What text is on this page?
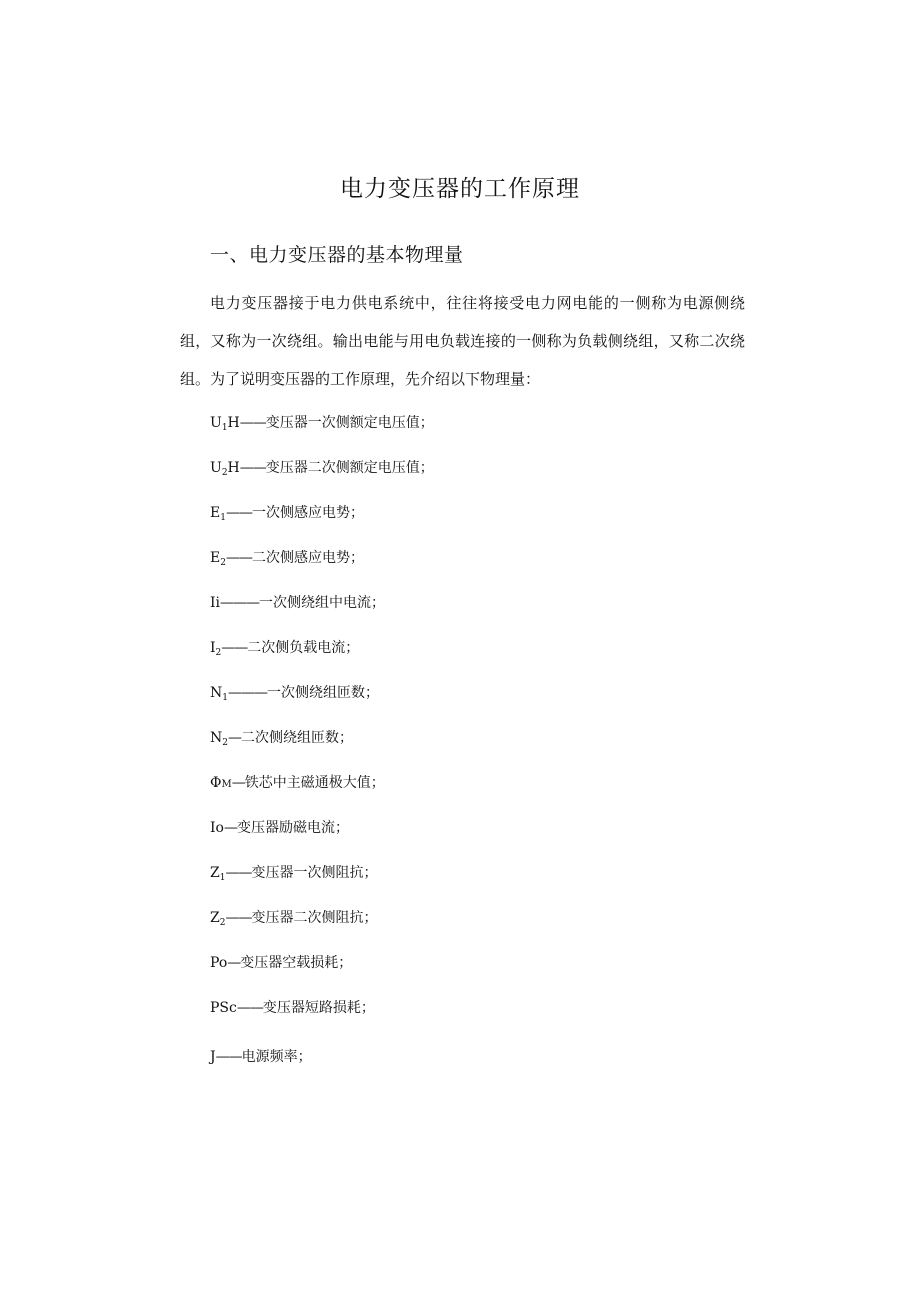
电力变压器的工作原理
一、电力变压器的基本物理量

电力变压器接于电力供电系统中，往往将接受电力网电能的一侧称为电源侧绕组，又称为一次绕组。输出电能与用电负载连接的一侧称为负载侧绕组，又称二次绕组。为了说明变压器的工作原理，先介绍以下物理量：

$U_1H——$变压器一次侧额定电压值；
$U_2H——$变压器二次侧额定电压值；
$E_1——$一次侧感应电势；
$E_2——$二次侧感应电势；
Ii———一次侧绕组中电流；
$I_2——$二次侧负载电流；
$N_1———$一次侧绕组匝数；
$N_2—$二次侧绕组匝数；
ΦM—铁芯中主磁通极大值；
Io—变压器励磁电流；
$Z_1——$变压器一次侧阻抗；
$Z_2——$变压器二次侧阻抗；
Po—变压器空载损耗；
PSc——变压器短路损耗；
J——电源频率；
